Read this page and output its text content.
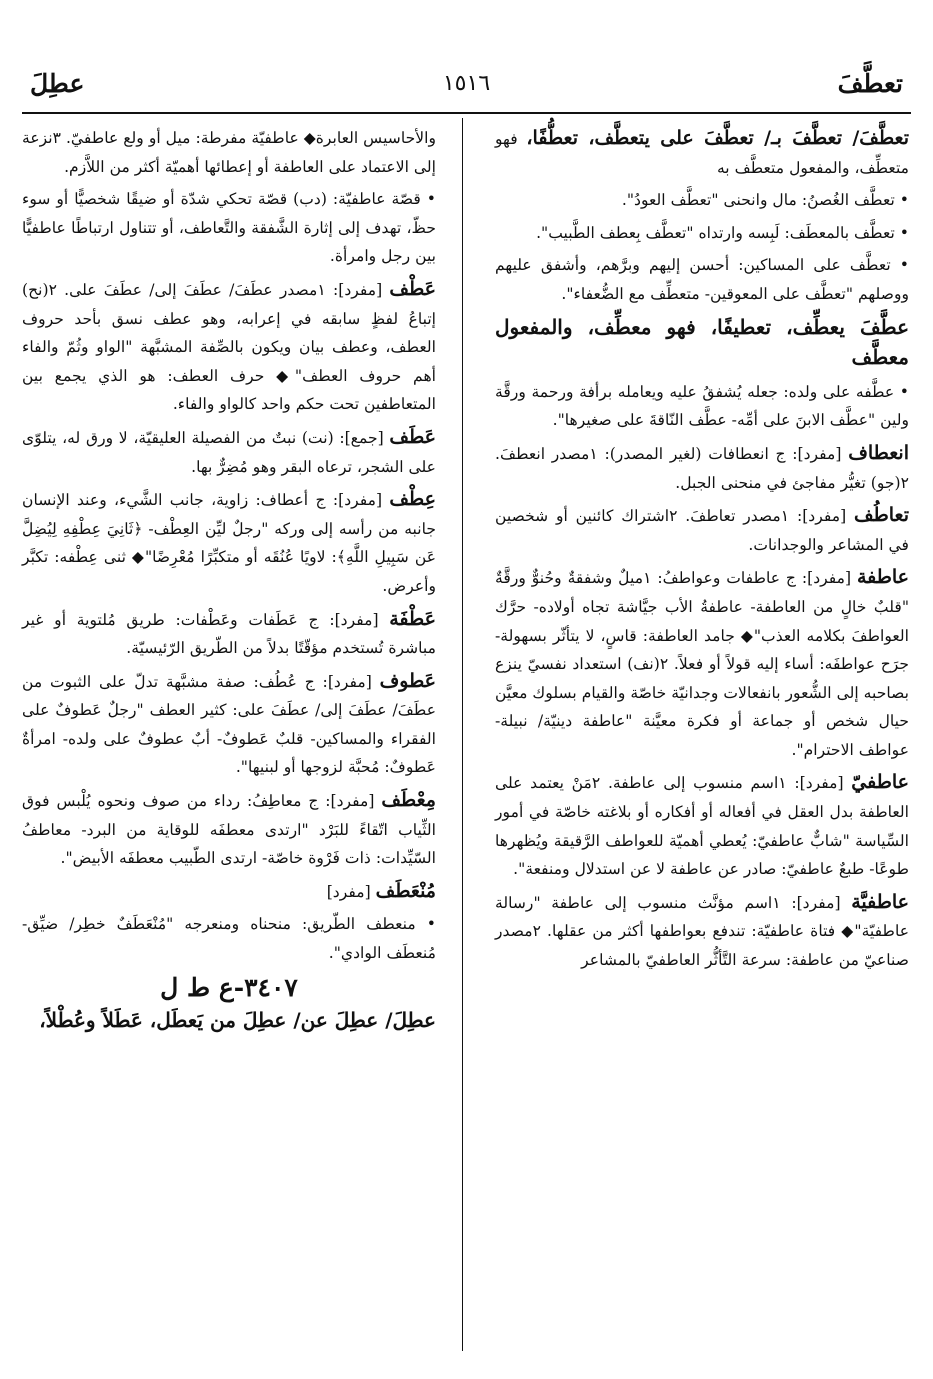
تعطَّفَ
١٥١٦
عطِلَ

تعطَّفَ/ تعطَّفَ بـ/ تعطَّفَ على يتعطَّف، تعطُّفًا، فهو متعطِّف، والمفعول متعطَّف به

• تعطَّف الغُصنُ: مال وانحنى "تعطَّف العودُ".

• تعطَّف بالمعطَف: لَبِسه وارتداه "تعطَّف بِعطف الطَّبيب".

• تعطَّف على المساكين: أحسن إليهم وبرَّهم، وأشفق عليهم ووصلهم "تعطَّف على المعوقين- متعطِّف مع الضُّعفاء".

عطَّفَ يعطِّف، تعطيفًا، فهو معطِّف، والمفعول معطَّف

• عطَّفه على ولده: جعله يُشفقُ عليه ويعامله برأفة ورحمة ورقَّة ولين "عطَّف الابنَ على أمِّه- عطَّف النّاقةَ على صغيرها".

انعطاف [مفرد]: ج انعطافات (لغير المصدر): ١مصدر انعطفَ. ٢(جو) تغيُّر مفاجئ في منحنى الجبل.

تعاطُف [مفرد]: ١مصدر تعاطفَ. ٢اشتراك كائنين أو شخصين في المشاعر والوجدانات.

عاطفة [مفرد]: ج عاطفات وعواطفُ: ١ميلٌ وشفقةٌ وحُنوٌّ ورقَّةٌ "قلبٌ خالٍ من العاطفة- عاطفةُ الأب جيَّاشة تجاه أولاده- حرَّك العواطفَ بكلامه العذب"◆ جامد العاطفة: قاسٍ، لا يتأثّر بسهولة- جرَح عواطفَه: أساء إليه قولاً أو فعلاً. ٢(نف) استعداد نفسيّ ينزع بصاحبه إلى الشُّعور بانفعالات وجدانيّة خاصّة والقيام بسلوك معيَّن حيال شخص أو جماعة أو فكرة معيَّنة "عاطفة دينيّة/ نبيلة- عواطف الاحترام".

عاطفيّ [مفرد]: ١اسم منسوب إلى عاطفة. ٢مَنْ يعتمد على العاطفة بدل العقل في أفعاله أو أفكاره أو بلاغته خاصّة في أمور السِّياسة "شابٌّ عاطفيّ: يُعطي أهميّة للعواطف الرَّقيقة ويُظهرها طوعًا- طبعٌ عاطفيّ: صادر عن عاطفة لا عن استدلال ومنفعة".

عاطفيَّة [مفرد]: ١اسم مؤنَّث منسوب إلى عاطفة "رسالة عاطفيّة"◆ فتاة عاطفيّة: تندفع بعواطفها أكثر من عقلها. ٢مصدر صناعيّ من عاطفة: سرعة التَّأثُّر العاطفيّ بالمشاعر

والأحاسيس العابرة◆ عاطفيّة مفرطة: ميل أو ولع عاطفيّ. ٣نزعة إلى الاعتماد على العاطفة أو إعطائها أهميّة أكثر من اللاَّزم.

• قصّة عاطفيّة: (دب) قصّة تحكي شدّة أو ضيقًا شخصيًّا أو سوء حظّ، تهدف إلى إثارة الشَّفقة والتَّعاطف، أو تتناول ارتباطًا عاطفيًّا بين رجل وامرأة.

عَطْف [مفرد]: ١مصدر عطَفَ/ عطَفَ إلى/ عطَفَ على. ٢(نح) إتباعُ لفظٍ سابقه في إعرابه، وهو عطف نسق بأحد حروف العطف، وعطف بيان ويكون بالصِّفة المشبَّهة "الواو وثُمّ والفاء أهم حروف العطف"◆ حرف العطف: هو الذي يجمع بين المتعاطفين تحت حكم واحد كالواو والفاء.

عَطَف [جمع]: (نت) نبتٌ من الفصيلة العليقيّة، لا ورق له، يتلوّى على الشجر، ترعاه البقر وهو مُضِرٌّ بها.

عِطْف [مفرد]: ج أعطاف: زاوية، جانب الشَّيء، وعند الإنسان جانبه من رأسه إلى وركه "رجلٌ ليِّن العِطْف- ﴿ثَانِيَ عِطْفِهِ لِيُضِلَّ عَن سَبِيلِ اللَّهِ﴾: لاويًا عُنُقَه أو متكبِّرًا مُعْرِضًا"◆ ثنى عِطْفه: تكبَّر وأعرض.

عَطْفَة [مفرد]: ج عَطَفات وعَطْفات: طريق مُلتوية أو غير مباشرة تُستخدم مؤقّتًا بدلاً من الطّريق الرّئيسيّة.

عَطوف [مفرد]: ج عُطُف: صفة مشبَّهة تدلّ على الثبوت من عطَفَ/ عطَفَ إلى/ عطَفَ على: كثير العطف "رجلٌ عَطوفٌ على الفقراء والمساكين- قلبٌ عَطوفٌ- أبٌ عطوفٌ على ولده- امرأةٌ عَطوفٌ: مُحبَّة لزوجها أو لبنيها".

مِعْطَف [مفرد]: ج معاطِفُ: رداء من صوف ونحوه يُلْبس فوق الثِّياب اتّقاءً للبَرْد "ارتدى معطفَه للوقاية من البرد- معاطفُ السّيِّدات: ذات فَرْوة خاصّة- ارتدى الطّبيب معطفَه الأبيض".

مُنْعَطَف [مفرد]

• منعطف الطّريق: منحناه ومنعرجه "مُنْعَطَفٌ خطِر/ ضيِّق- مُنعطَف الوادي".

٣٤٠٧-ع ط ل

عطِلَ/ عطِلَ عن/ عطِلَ من يَعطَل، عَطَلاً وعُطْلاً،
